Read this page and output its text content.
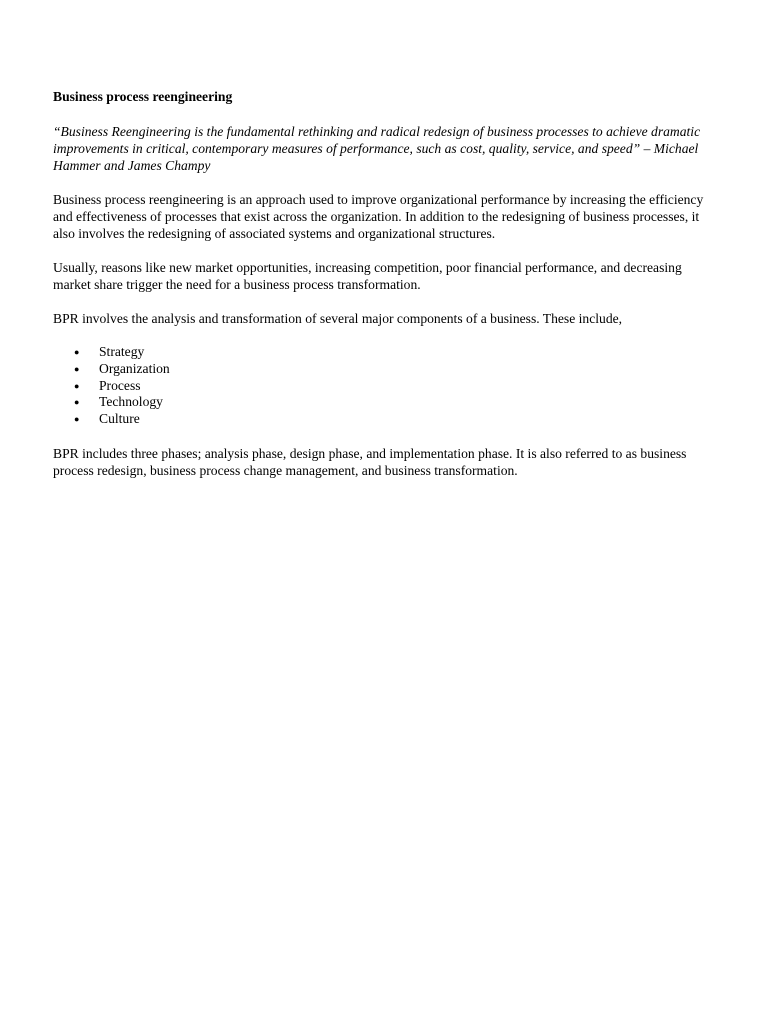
Business process reengineering

“Business Reengineering is the fundamental rethinking and radical redesign of business processes to achieve dramatic improvements in critical, contemporary measures of performance, such as cost, quality, service, and speed” – Michael Hammer and James Champy

Business process reengineering is an approach used to improve organizational performance by increasing the efficiency and effectiveness of processes that exist across the organization. In addition to the redesigning of business processes, it also involves the redesigning of associated systems and organizational structures.

Usually, reasons like new market opportunities, increasing competition, poor financial performance, and decreasing market share trigger the need for a business process transformation.

BPR involves the analysis and transformation of several major components of a business. These include,

● Strategy
● Organization
● Process
● Technology
● Culture

BPR includes three phases; analysis phase, design phase, and implementation phase. It is also referred to as business process redesign, business process change management, and business transformation.
